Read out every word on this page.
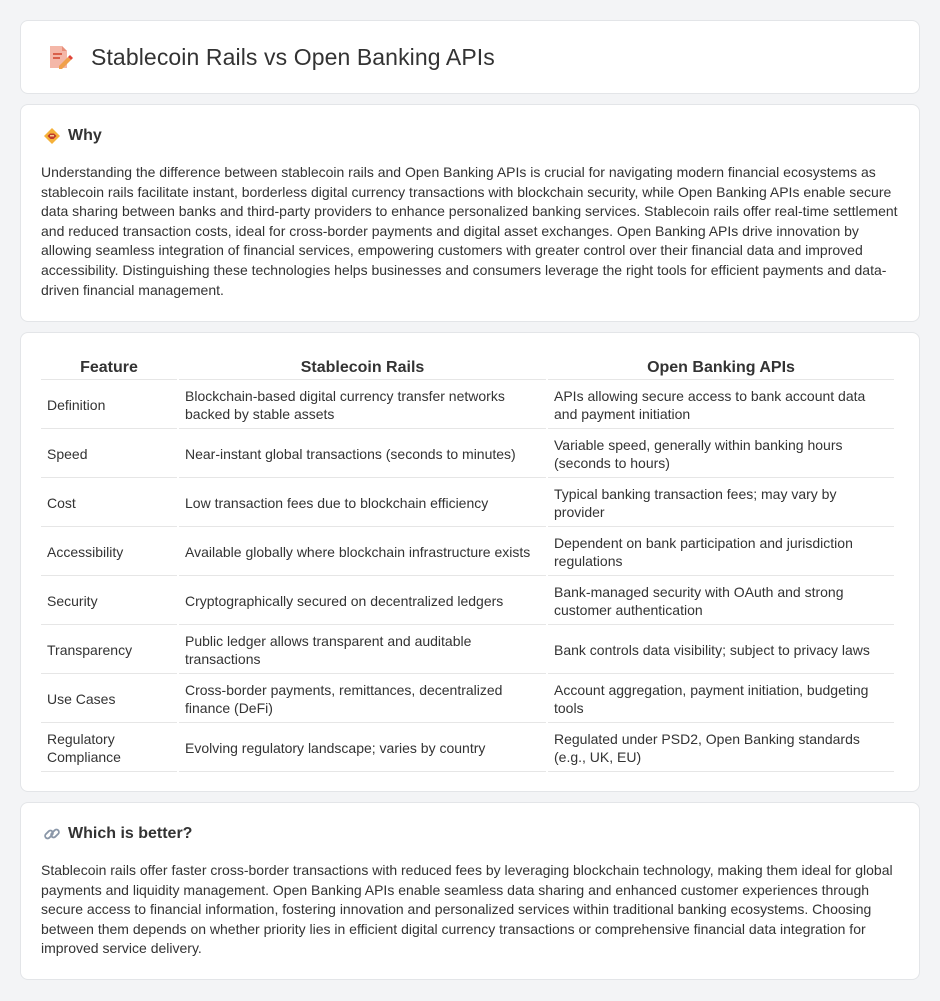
Stablecoin Rails vs Open Banking APIs
Why

Understanding the difference between stablecoin rails and Open Banking APIs is crucial for navigating modern financial ecosystems as stablecoin rails facilitate instant, borderless digital currency transactions with blockchain security, while Open Banking APIs enable secure data sharing between banks and third-party providers to enhance personalized banking services. Stablecoin rails offer real-time settlement and reduced transaction costs, ideal for cross-border payments and digital asset exchanges. Open Banking APIs drive innovation by allowing seamless integration of financial services, empowering customers with greater control over their financial data and improved accessibility. Distinguishing these technologies helps businesses and consumers leverage the right tools for efficient payments and data-driven financial management.

Feature	Stablecoin Rails	Open Banking APIs
Definition	Blockchain-based digital currency transfer networks backed by stable assets	APIs allowing secure access to bank account data and payment initiation
Speed	Near-instant global transactions (seconds to minutes)	Variable speed, generally within banking hours (seconds to hours)
Cost	Low transaction fees due to blockchain efficiency	Typical banking transaction fees; may vary by provider
Accessibility	Available globally where blockchain infrastructure exists	Dependent on bank participation and jurisdiction regulations
Security	Cryptographically secured on decentralized ledgers	Bank-managed security with OAuth and strong customer authentication
Transparency	Public ledger allows transparent and auditable transactions	Bank controls data visibility; subject to privacy laws
Use Cases	Cross-border payments, remittances, decentralized finance (DeFi)	Account aggregation, payment initiation, budgeting tools
Regulatory Compliance	Evolving regulatory landscape; varies by country	Regulated under PSD2, Open Banking standards (e.g., UK, EU)
Which is better?

Stablecoin rails offer faster cross-border transactions with reduced fees by leveraging blockchain technology, making them ideal for global payments and liquidity management. Open Banking APIs enable seamless data sharing and enhanced customer experiences through secure access to financial information, fostering innovation and personalized services within traditional banking ecosystems. Choosing between them depends on whether priority lies in efficient digital currency transactions or comprehensive financial data integration for improved service delivery.
